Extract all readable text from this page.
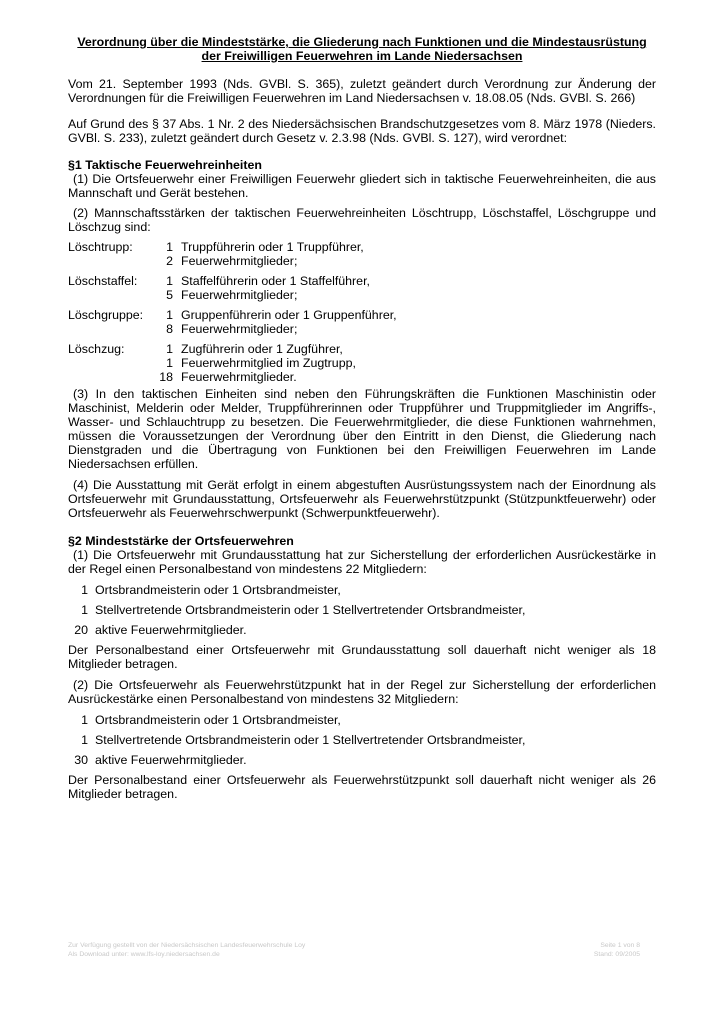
Verordnung über die Mindeststärke, die Gliederung nach Funktionen und die Mindestausrüstung der Freiwilligen Feuerwehren im Lande Niedersachsen

Vom 21. September 1993 (Nds. GVBl. S. 365), zuletzt geändert durch Verordnung zur Änderung der Verordnungen für die Freiwilligen Feuerwehren im Land Niedersachsen v. 18.08.05 (Nds. GVBl. S. 266)

Auf Grund des § 37 Abs. 1 Nr. 2 des Niedersächsischen Brandschutzgesetzes vom 8. März 1978 (Nieders. GVBl. S. 233), zuletzt geändert durch Gesetz v. 2.3.98 (Nds. GVBl. S. 127), wird verordnet:

§1 Taktische Feuerwehreinheiten

(1) Die Ortsfeuerwehr einer Freiwilligen Feuerwehr gliedert sich in taktische Feuerwehreinheiten, die aus Mannschaft und Gerät bestehen.

(2) Mannschaftsstärken der taktischen Feuerwehreinheiten Löschtrupp, Löschstaffel, Löschgruppe und Löschzug sind:

Löschtrupp:	1 Truppführerin oder 1 Truppführer,
2 Feuerwehrmitglieder;
Löschstaffel:	1 Staffelführerin oder 1 Staffelführer,
5 Feuerwehrmitglieder;
Löschgruppe:	1 Gruppenführerin oder 1 Gruppenführer,
8 Feuerwehrmitglieder;
Löschzug:	1 Zugführerin oder 1 Zugführer,
1 Feuerwehrmitglied im Zugtrupp,
18 Feuerwehrmitglieder.

(3) In den taktischen Einheiten sind neben den Führungskräften die Funktionen Maschinistin oder Maschinist, Melderin oder Melder, Truppführerinnen oder Truppführer und Truppmitglieder im Angriffs-, Wasser- und Schlauchtrupp zu besetzen. Die Feuerwehrmitglieder, die diese Funktionen wahrnehmen, müssen die Voraussetzungen der Verordnung über den Eintritt in den Dienst, die Gliederung nach Dienstgraden und die Übertragung von Funktionen bei den Freiwilligen Feuerwehren im Lande Niedersachsen erfüllen.

(4) Die Ausstattung mit Gerät erfolgt in einem abgestuften Ausrüstungssystem nach der Einordnung als Ortsfeuerwehr mit Grundausstattung, Ortsfeuerwehr als Feuerwehrstützpunkt (Stützpunktfeuerwehr) oder Ortsfeuerwehr als Feuerwehrschwerpunkt (Schwerpunktfeuerwehr).

§2 Mindeststärke der Ortsfeuerwehren

(1) Die Ortsfeuerwehr mit Grundausstattung hat zur Sicherstellung der erforderlichen Ausrückestärke in der Regel einen Personalbestand von mindestens 22 Mitgliedern:

1 Ortsbrandmeisterin oder 1 Ortsbrandmeister,
1 Stellvertretende Ortsbrandmeisterin oder 1 Stellvertretender Ortsbrandmeister,
20 aktive Feuerwehrmitglieder.

Der Personalbestand einer Ortsfeuerwehr mit Grundausstattung soll dauerhaft nicht weniger als 18 Mitglieder betragen.

(2) Die Ortsfeuerwehr als Feuerwehrstützpunkt hat in der Regel zur Sicherstellung der erforderlichen Ausrückestärke einen Personalbestand von mindestens 32 Mitgliedern:

1 Ortsbrandmeisterin oder 1 Ortsbrandmeister,
1 Stellvertretende Ortsbrandmeisterin oder 1 Stellvertretender Ortsbrandmeister,
30 aktive Feuerwehrmitglieder.

Der Personalbestand einer Ortsfeuerwehr als Feuerwehrstützpunkt soll dauerhaft nicht weniger als 26 Mitglieder betragen.

Zur Verfügung gestellt von der Niedersächsischen Landesfeuerwehrschule Loy
Als Download unter: www.lfs-loy.niedersachsen.de
Seite 1 von 8
Stand: 09/2005
